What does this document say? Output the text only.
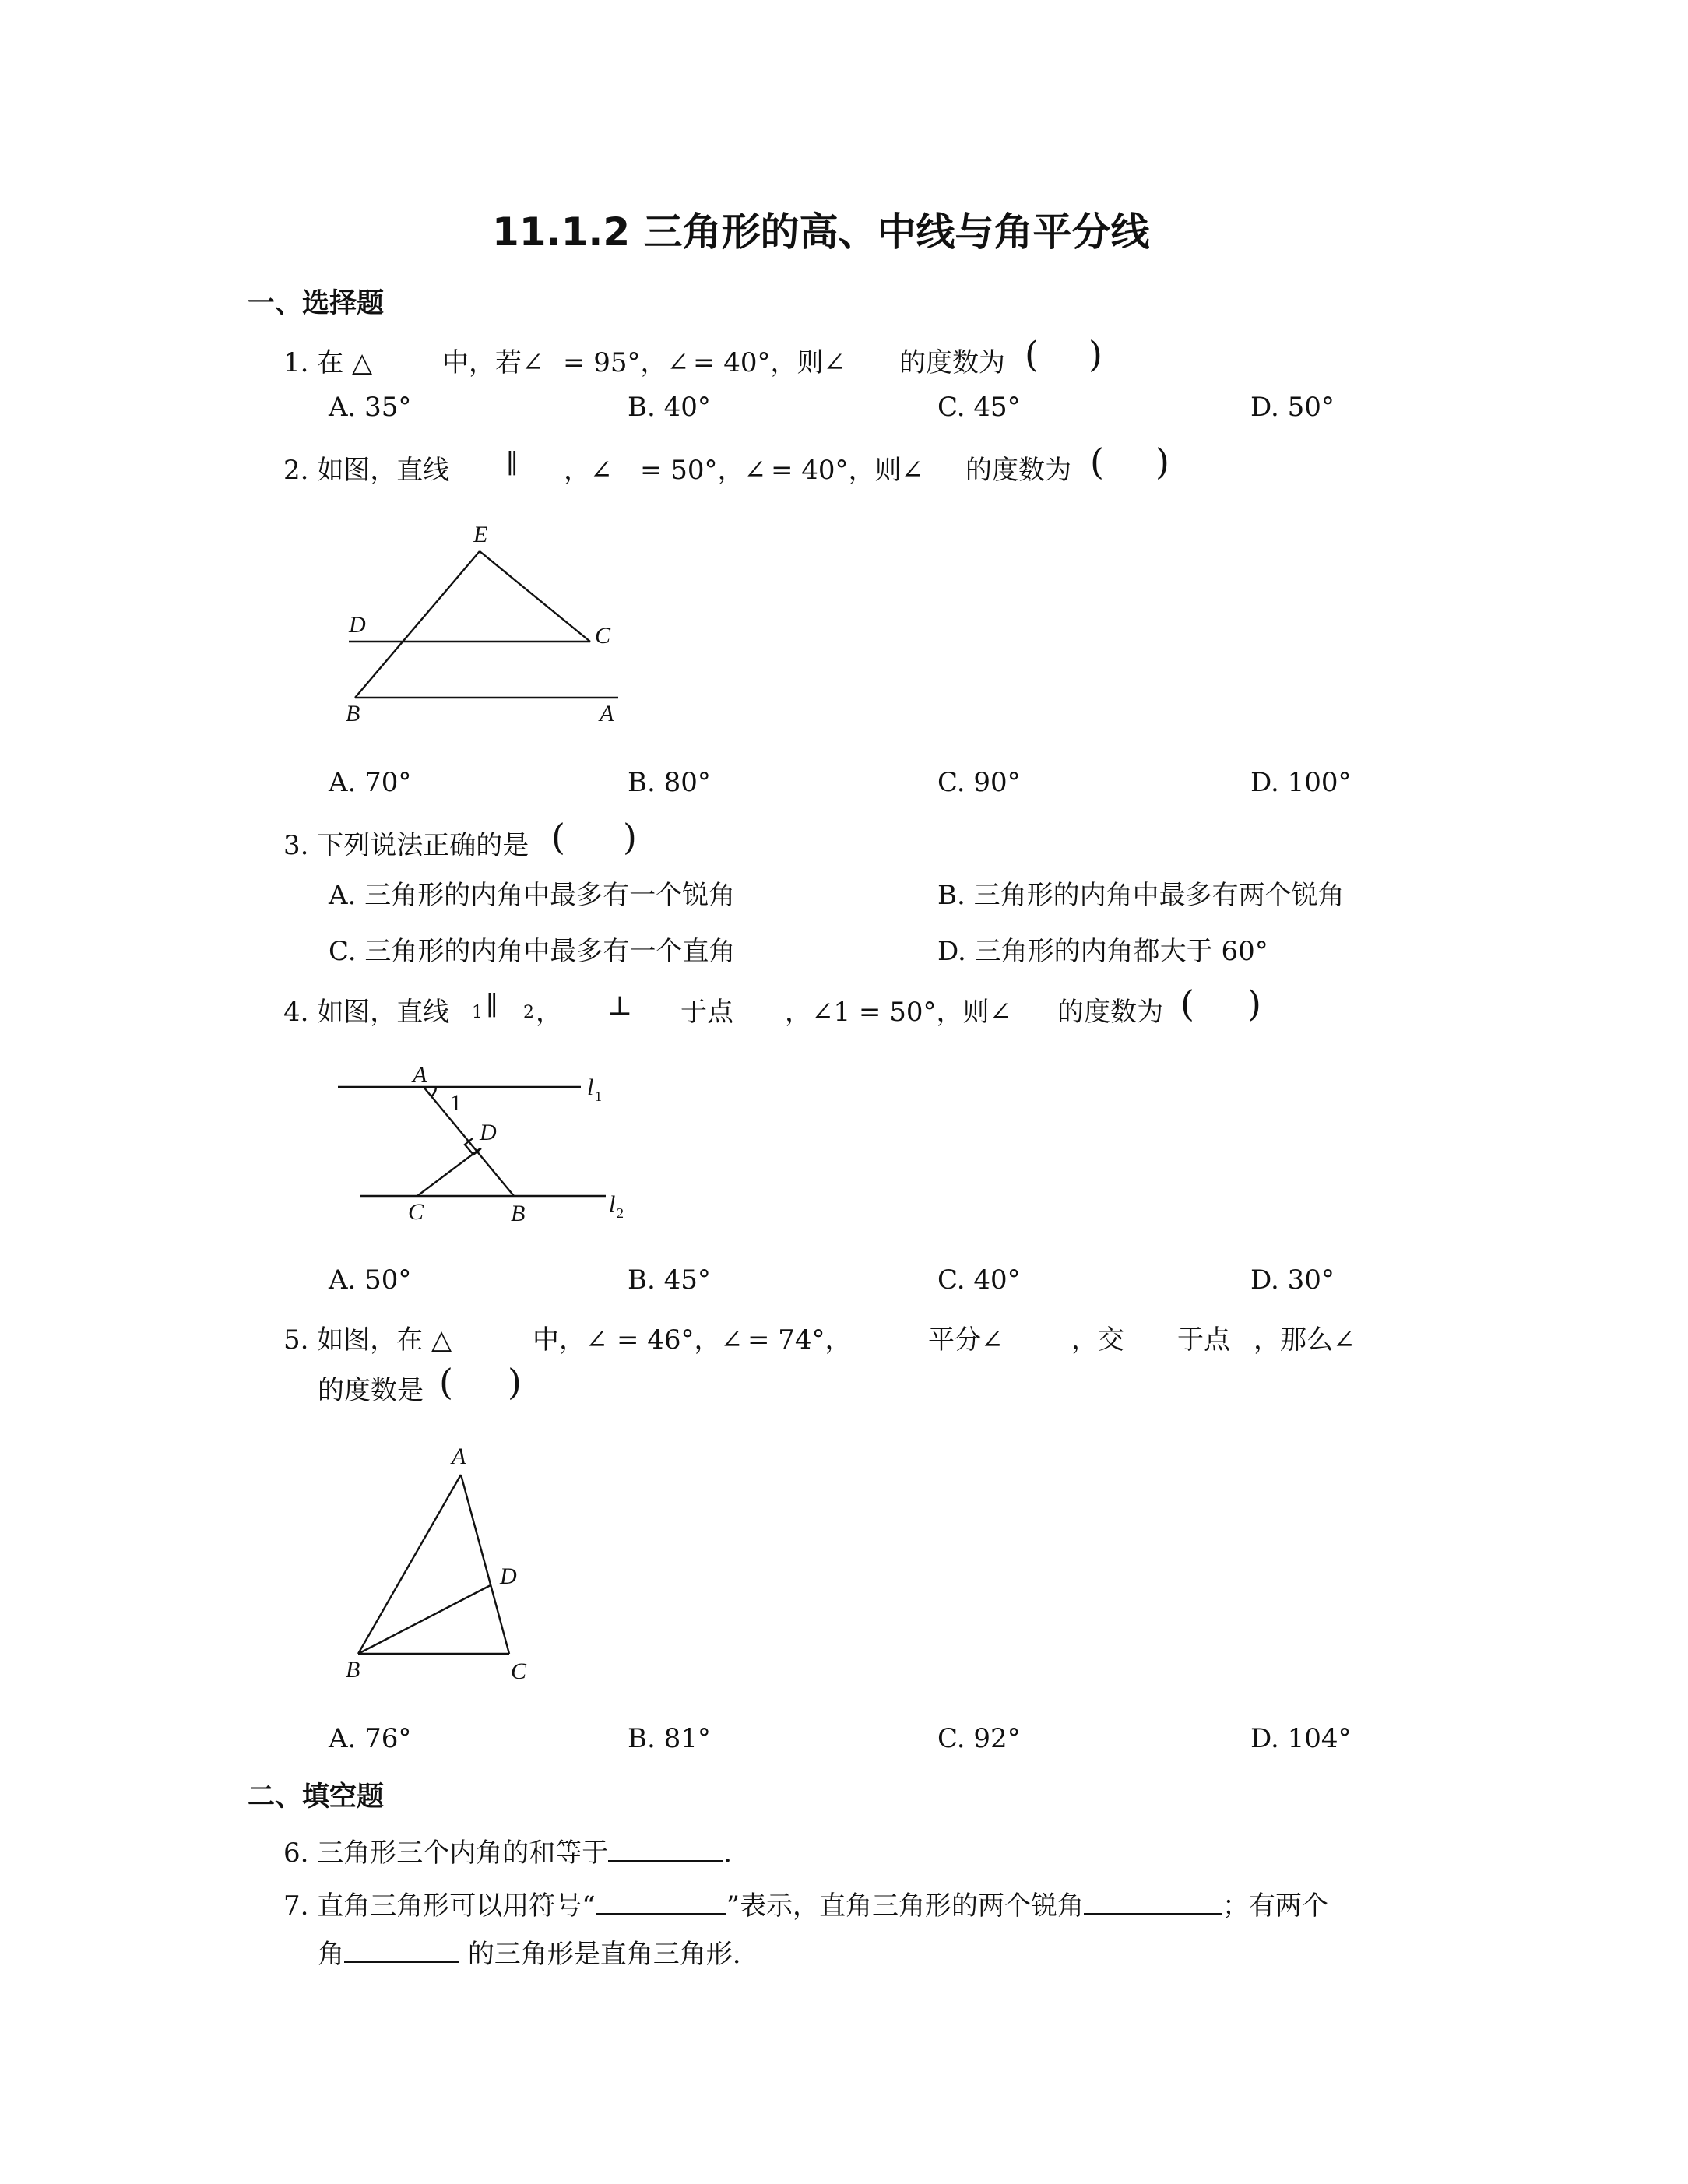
11.1.2 三角形的高、中线与角平分线
一、选择题
1. 在 △	中，若∠ = 95°，∠ = 40°，则∠ 的度数为 ( )
A. 35°	B. 40°	C. 45°	D. 50°
2. 如图，直线 ∥ ，∠ = 50°，∠ = 40°，则∠ 的度数为 ( )
E
D	C
B	A
A. 70°	B. 80°	C. 90°	D. 100°
3. 下列说法正确的是 ( )
A. 三角形的内角中最多有一个锐角	B. 三角形的内角中最多有两个锐角
C. 三角形的内角中最多有一个直角	D. 三角形的内角都大于 60°
4. 如图，直线 1 ∥ 2 ， ⊥ 于点 ，∠1 = 50°，则∠ 的度数为 ( )
A
1
l 1
D
C	B	l 2
A. 50°	B. 45°	C. 40°	D. 30°
5. 如图，在 △	中，∠ = 46°，∠ = 74°，	平分∠	，交 于点 ，那么∠
的度数是 ( )
A
D
B	C
A. 76°	B. 81°	C. 92°	D. 104°
二、填空题
6. 三角形三个内角的和等于	.
7. 直角三角形可以用符号“	”表示，直角三角形的两个锐角	；有两个
角	的三角形是直角三角形.
